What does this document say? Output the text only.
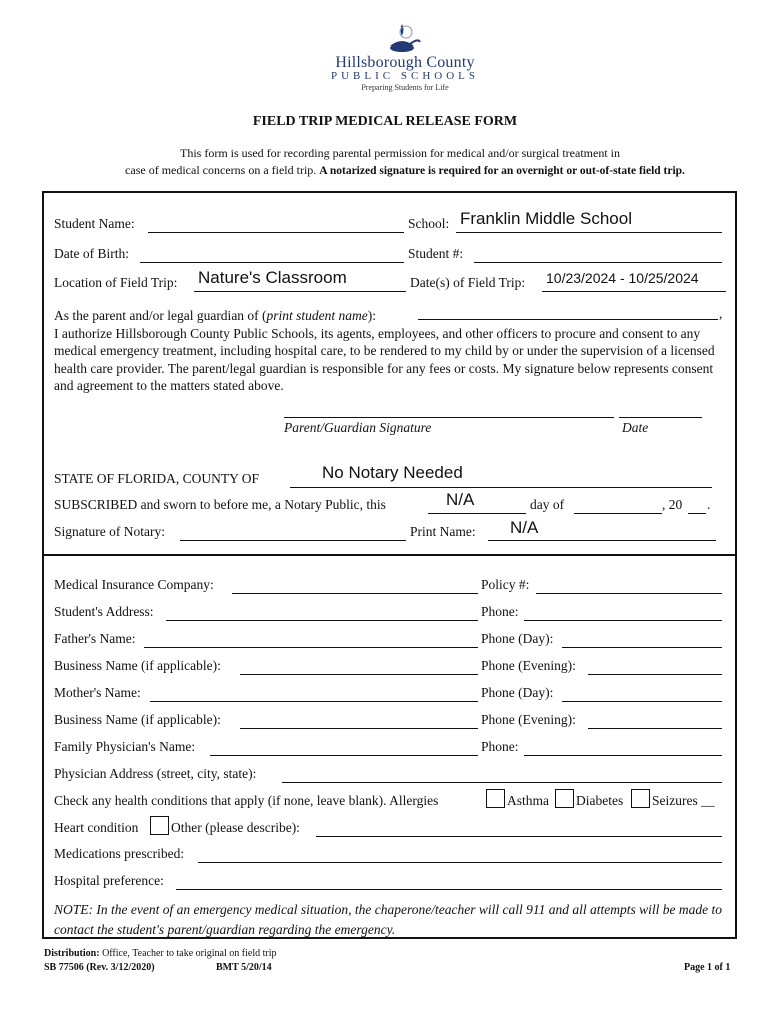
Hillsborough County
PUBLIC SCHOOLS
Preparing Students for Life
FIELD TRIP MEDICAL RELEASE FORM
This form is used for recording parental permission for medical and/or surgical treatment in
case of medical concerns on a field trip. A notarized signature is required for an overnight or out-of-state field trip.
Student Name:	School: Franklin Middle School
Date of Birth:	Student #:
Location of Field Trip: Nature's Classroom	Date(s) of Field Trip: 10/23/2024 - 10/25/2024
As the parent and/or legal guardian of (print student name):
I authorize Hillsborough County Public Schools, its agents, employees, and other officers to procure and consent to any medical emergency treatment, including hospital care, to be rendered to my child by or under the supervision of a licensed health care provider. The parent/legal guardian is responsible for any fees or costs. My signature below represents consent and agreement to the matters stated above.
,
Parent/Guardian Signature	Date
STATE OF FLORIDA, COUNTY OF	No Notary Needed
SUBSCRIBED and sworn to before me, a Notary Public, this	N/A	day of	, 20 .
Signature of Notary:	Print Name: N/A
Medical Insurance Company:	Policy #:
Student's Address:	Phone:
Father's Name:	Phone (Day):
Business Name (if applicable):	Phone (Evening):
Mother's Name:	Phone (Day):
Business Name (if applicable):	Phone (Evening):
Family Physician's Name:	Phone:
Physician Address (street, city, state):
Check any health conditions that apply (if none, leave blank). Allergies	Asthma Diabetes Seizures __
Heart condition Other (please describe):
Medications prescribed:
Hospital preference:
NOTE: In the event of an emergency medical situation, the chaperone/teacher will call 911 and all attempts will be made to contact the student's parent/guardian regarding the emergency.
Distribution: Office, Teacher to take original on field trip
SB 77506 (Rev. 3/12/2020)	BMT 5/20/14	Page 1 of 1
